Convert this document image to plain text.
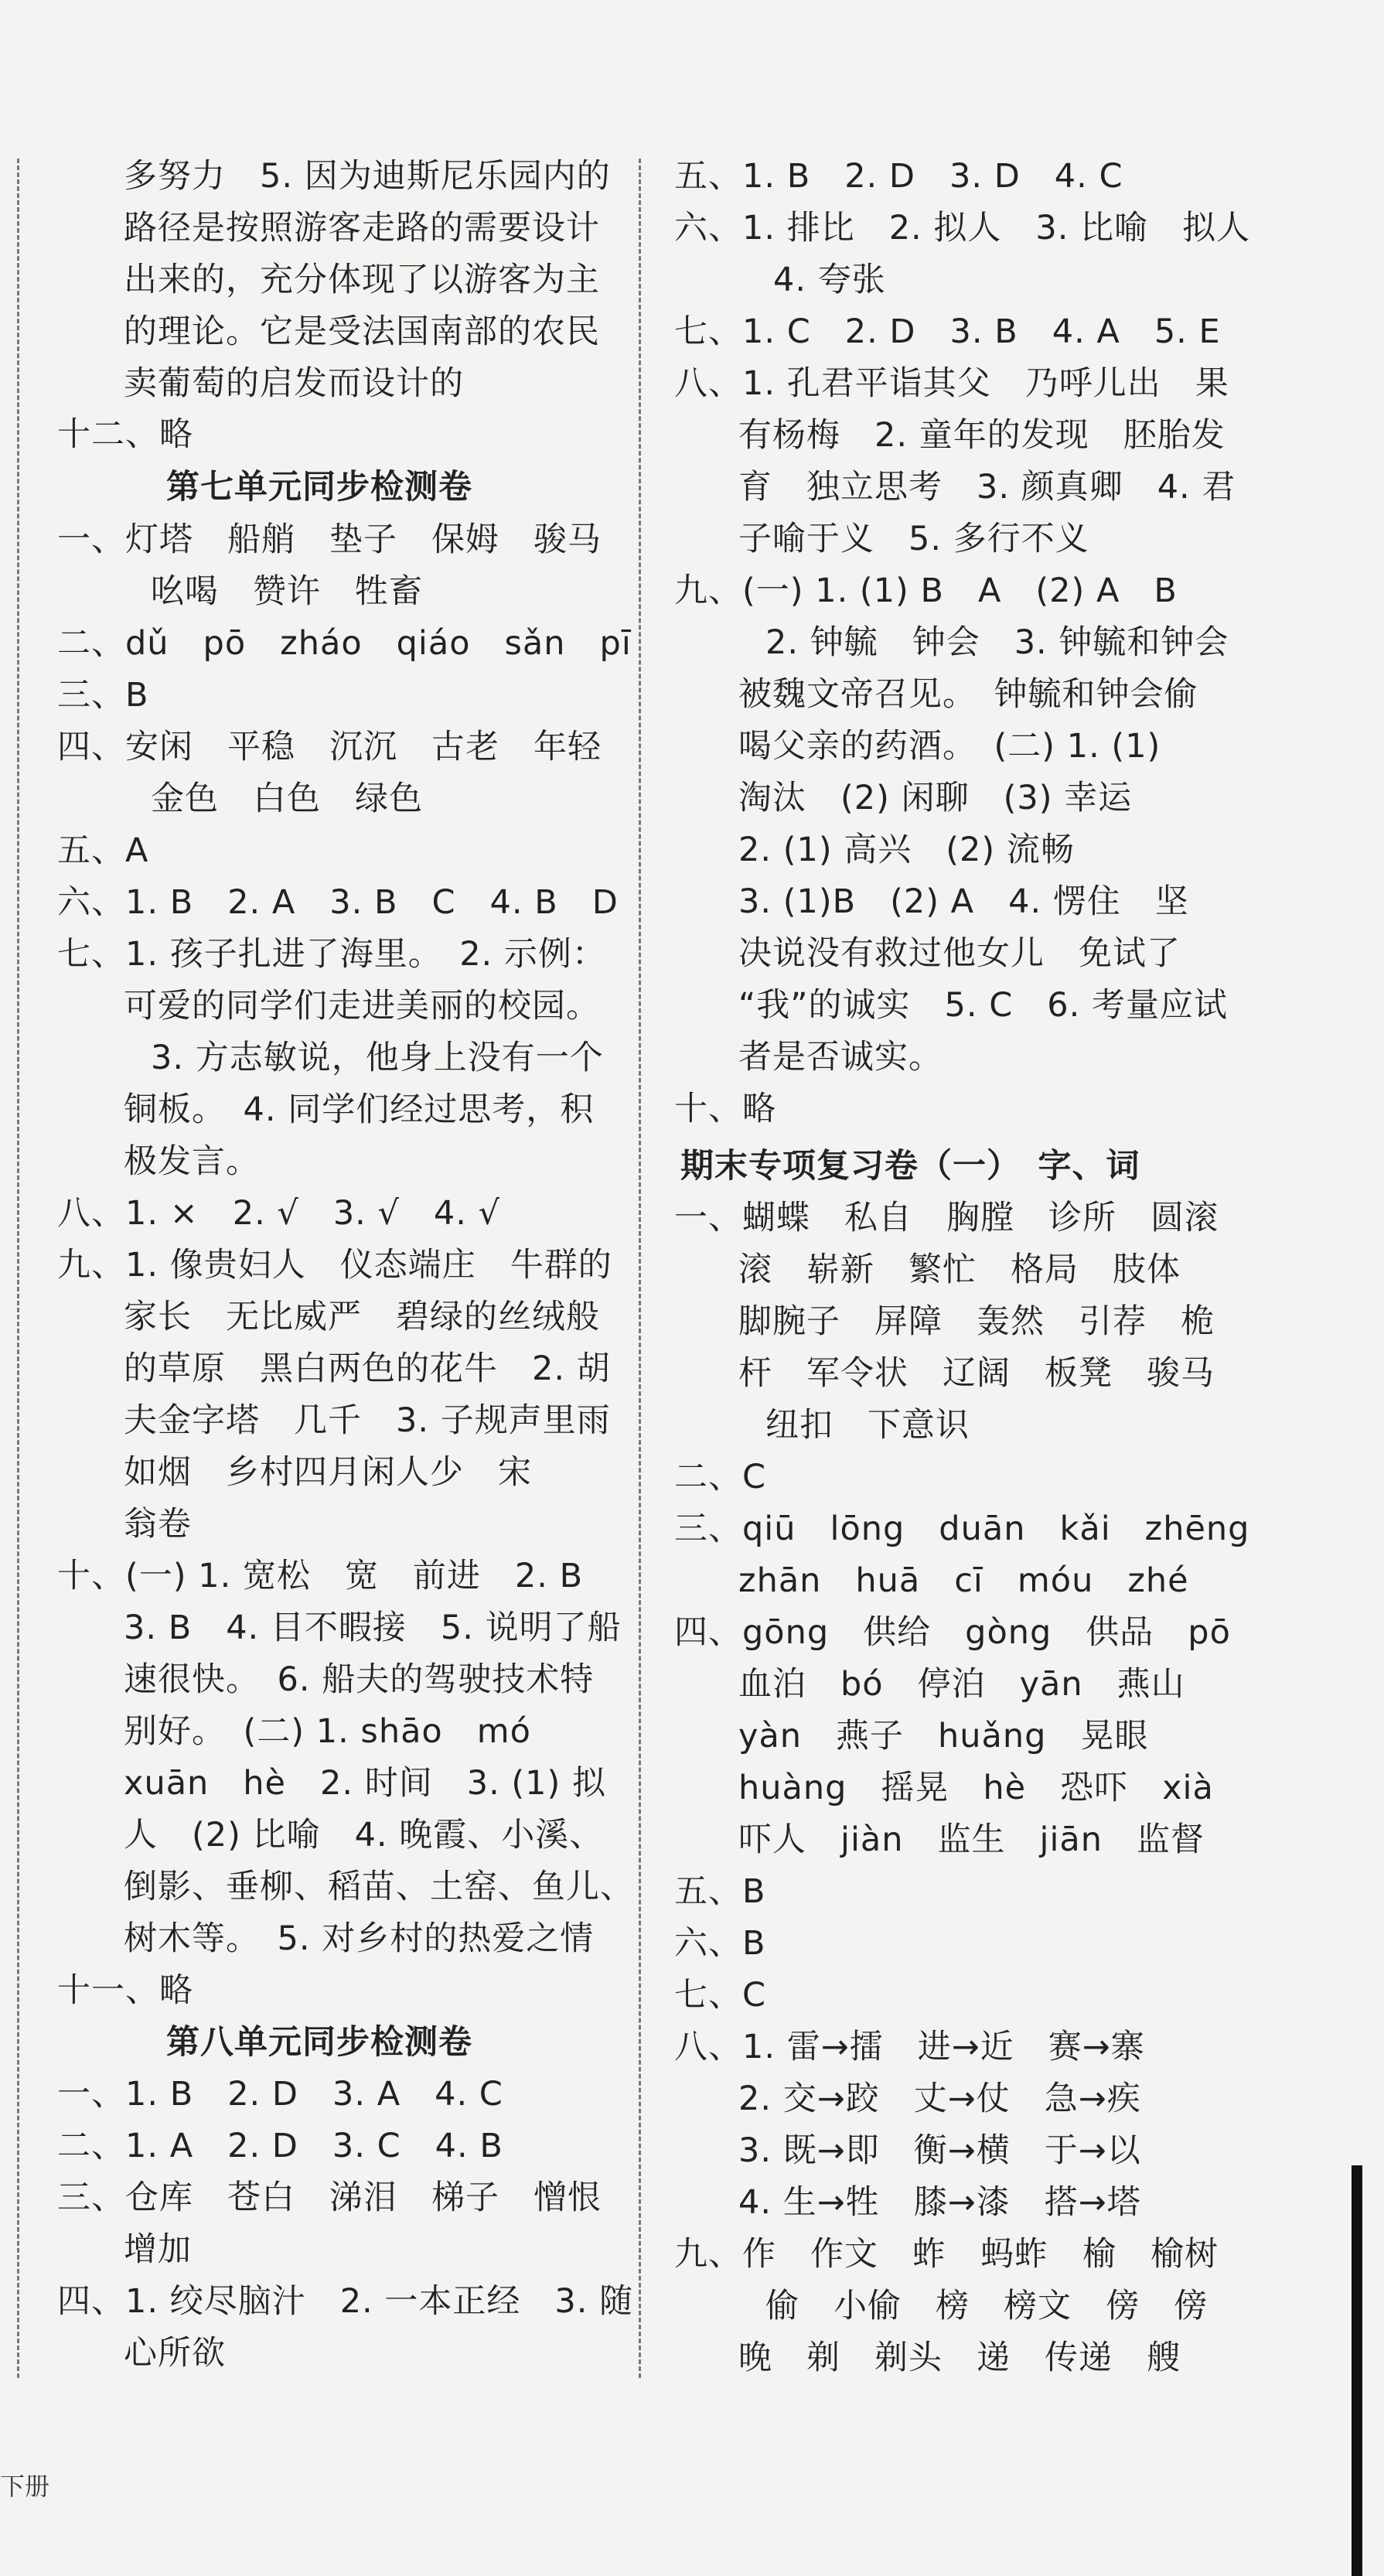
多努力　5. 因为迪斯尼乐园内的
路径是按照游客走路的需要设计
出来的，充分体现了以游客为主
的理论。它是受法国南部的农民
卖葡萄的启发而设计的
十二、略
第七单元同步检测卷
一、灯塔　船艄　垫子　保姆　骏马
吆喝　赞许　牲畜
二、dǔ　pō　zháo　qiáo　sǎn　pī
三、B
四、安闲　平稳　沉沉　古老　年轻
金色　白色　绿色
五、A
六、1. B　2. A　3. B　C　4. B　D
七、1. 孩子扎进了海里。　2. 示例：
可爱的同学们走进美丽的校园。
3. 方志敏说，他身上没有一个
铜板。　4. 同学们经过思考，积
极发言。
八、1. ×　2. √　3. √　4. √
九、1. 像贵妇人　仪态端庄　牛群的
家长　无比威严　碧绿的丝绒般
的草原　黑白两色的花牛　2. 胡
夫金字塔　几千　3. 子规声里雨
如烟　乡村四月闲人少　宋
翁卷
十、(一) 1. 宽松　宽　前进　2. B
3. B　4. 目不暇接　5. 说明了船
速很快。　6. 船夫的驾驶技术特
别好。　(二) 1. shāo　mó
xuān　hè　2. 时间　3. (1) 拟
人　(2) 比喻　4. 晚霞、小溪、
倒影、垂柳、稻苗、土窑、鱼儿、
树木等。　5. 对乡村的热爱之情
十一、略
第八单元同步检测卷
一、1. B　2. D　3. A　4. C
二、1. A　2. D　3. C　4. B
三、仓库　苍白　涕泪　梯子　憎恨
增加
四、1. 绞尽脑汁　2. 一本正经　3. 随
心所欲
五、1. B　2. D　3. D　4. C
六、1. 排比　2. 拟人　3. 比喻　拟人
4. 夸张
七、1. C　2. D　3. B　4. A　5. E
八、1. 孔君平诣其父　乃呼儿出　果
有杨梅　2. 童年的发现　胚胎发
育　独立思考　3. 颜真卿　4. 君
子喻于义　5. 多行不义
九、(一) 1. (1) B　A　(2) A　B
2. 钟毓　钟会　3. 钟毓和钟会
被魏文帝召见。　钟毓和钟会偷
喝父亲的药酒。　(二) 1. (1)
淘汰　(2) 闲聊　(3) 幸运
2. (1) 高兴　(2) 流畅
3. (1)B　(2) A　4. 愣住　坚
决说没有救过他女儿　免试了
“我”的诚实　5. C　6. 考量应试
者是否诚实。
十、略
期末专项复习卷（一）　字、词
一、蝴蝶　私自　胸膛　诊所　圆滚
滚　崭新　繁忙　格局　肢体
脚腕子　屏障　轰然　引荐　桅
杆　军令状　辽阔　板凳　骏马
纽扣　下意识
二、C
三、qiū　lōng　duān　kǎi　zhēng
zhān　huā　cī　móu　zhé
四、gōng　供给　gòng　供品　pō
血泊　bó　停泊　yān　燕山
yàn　燕子　huǎng　晃眼
huàng　摇晃　hè　恐吓　xià
吓人　jiàn　监生　jiān　监督
五、B
六、B
七、C
八、1. 雷→擂　进→近　赛→寨
2. 交→跤　丈→仗　急→疾
3. 既→即　衡→横　于→以
4. 生→牲　膝→漆　搭→塔
九、作　作文　蚱　蚂蚱　榆　榆树
偷　小偷　榜　榜文　傍　傍
晚　剃　剃头　递　传递　艘
下册
